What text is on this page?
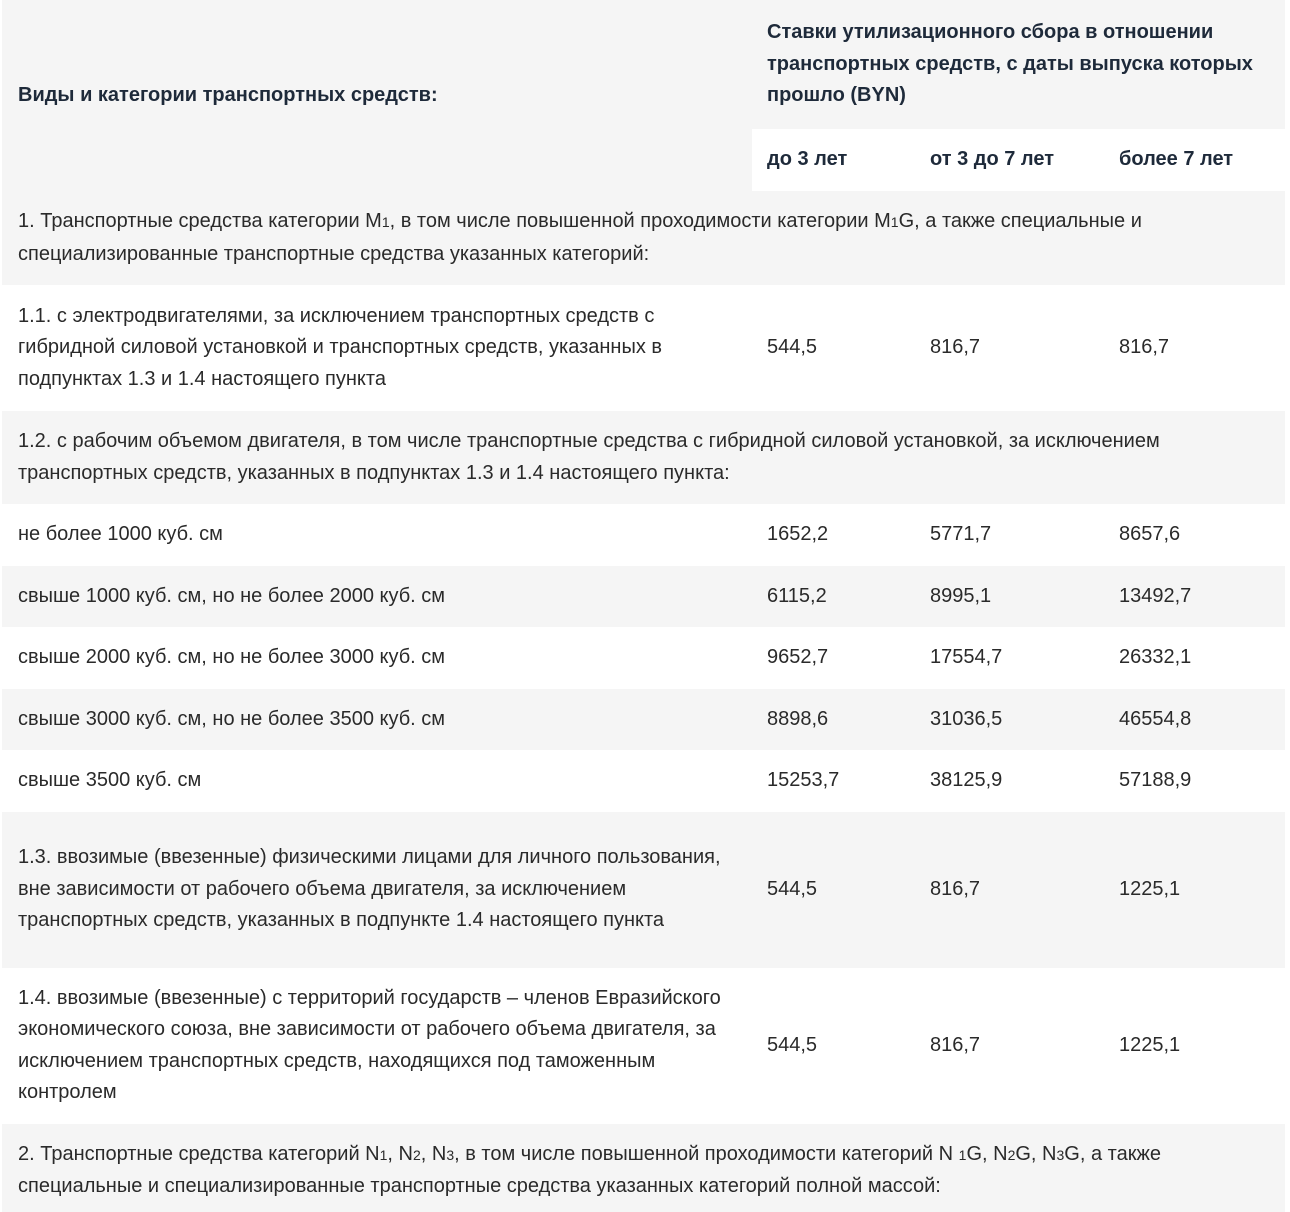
Виды и категории транспортных средств:	Ставки утилизационного сбора в отношении транспортных средств, с даты выпуска которых прошло (BYN)		
	до 3 лет	от 3 до 7 лет	более 7 лет
1. Транспортные средства категории M1, в том числе повышенной проходимости категории M1G, а также специальные и специализированные транспортные средства указанных категорий:			
1.1. с электродвигателями, за исключением транспортных средств с гибридной силовой установкой и транспортных средств, указанных в подпунктах 1.3 и 1.4 настоящего пункта	544,5	816,7	816,7
1.2. с рабочим объемом двигателя, в том числе транспортные средства с гибридной силовой установкой, за исключением транспортных средств, указанных в подпунктах 1.3 и 1.4 настоящего пункта:			
не более 1000 куб. см	1652,2	5771,7	8657,6
свыше 1000 куб. см, но не более 2000 куб. см	6115,2	8995,1	13492,7
свыше 2000 куб. см, но не более 3000 куб. см	9652,7	17554,7	26332,1
свыше 3000 куб. см, но не более 3500 куб. см	8898,6	31036,5	46554,8
свыше 3500 куб. см	15253,7	38125,9	57188,9
1.3. ввозимые (ввезенные) физическими лицами для личного пользования, вне зависимости от рабочего объема двигателя, за исключением транспортных средств, указанных в подпункте 1.4 настоящего пункта	544,5	816,7	1225,1
1.4. ввозимые (ввезенные) с территорий государств – членов Евразийского экономического союза, вне зависимости от рабочего объема двигателя, за исключением транспортных средств, находящихся под таможенным контролем	544,5	816,7	1225,1
2. Транспортные средства категорий N1, N2, N3, в том числе повышенной проходимости категорий N 1G, N2G, N3G, а также специальные и специализированные транспортные средства указанных категорий полной массой:			
